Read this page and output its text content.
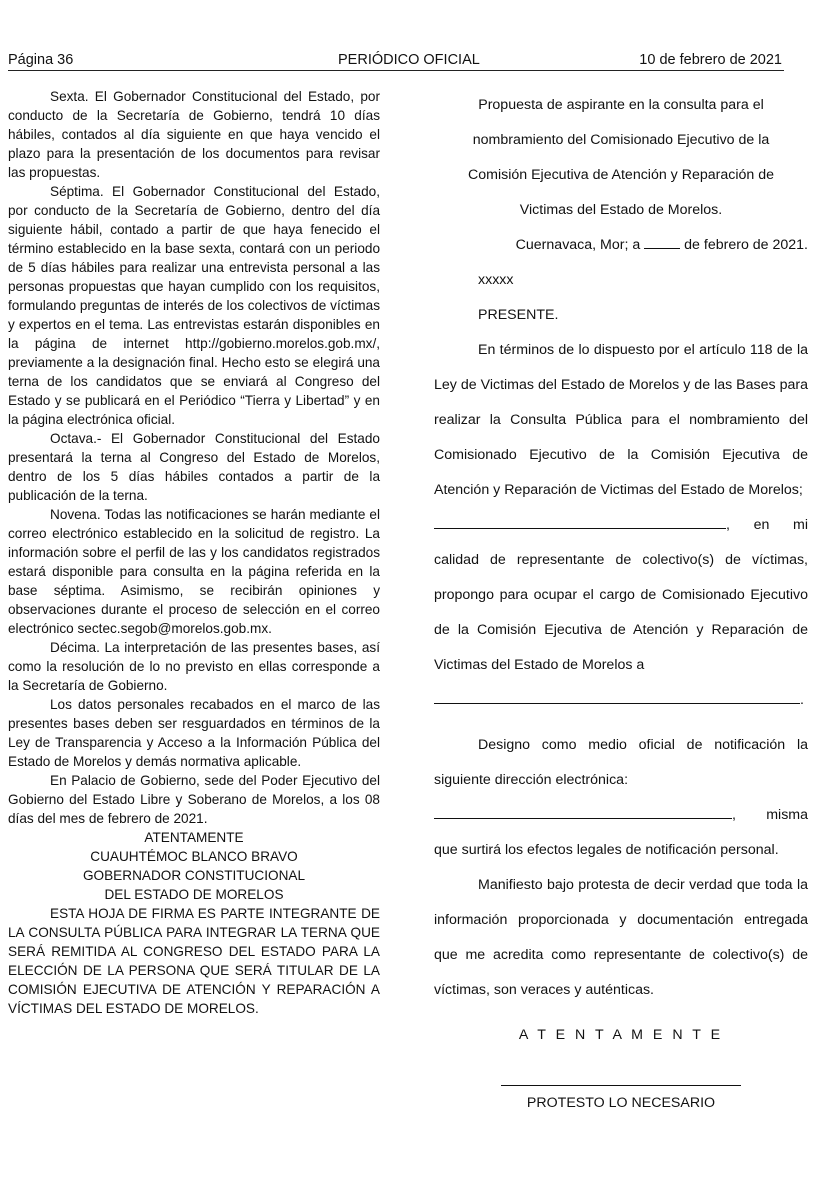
Página 36	PERIÓDICO OFICIAL	10 de febrero de 2021

Sexta. El Gobernador Constitucional del Estado, por conducto de la Secretaría de Gobierno, tendrá 10 días hábiles, contados al día siguiente en que haya vencido el plazo para la presentación de los documentos para revisar las propuestas.

Séptima. El Gobernador Constitucional del Estado, por conducto de la Secretaría de Gobierno, dentro del día siguiente hábil, contado a partir de que haya fenecido el término establecido en la base sexta, contará con un periodo de 5 días hábiles para realizar una entrevista personal a las personas propuestas que hayan cumplido con los requisitos, formulando preguntas de interés de los colectivos de víctimas y expertos en el tema. Las entrevistas estarán disponibles en la página de internet http://gobierno.morelos.gob.mx/, previamente a la designación final. Hecho esto se elegirá una terna de los candidatos que se enviará al Congreso del Estado y se publicará en el Periódico “Tierra y Libertad” y en la página electrónica oficial.

Octava.- El Gobernador Constitucional del Estado presentará la terna al Congreso del Estado de Morelos, dentro de los 5 días hábiles contados a partir de la publicación de la terna.

Novena. Todas las notificaciones se harán mediante el correo electrónico establecido en la solicitud de registro. La información sobre el perfil de las y los candidatos registrados estará disponible para consulta en la página referida en la base séptima. Asimismo, se recibirán opiniones y observaciones durante el proceso de selección en el correo electrónico sectec.segob@morelos.gob.mx.

Décima. La interpretación de las presentes bases, así como la resolución de lo no previsto en ellas corresponde a la Secretaría de Gobierno.

Los datos personales recabados en el marco de las presentes bases deben ser resguardados en términos de la Ley de Transparencia y Acceso a la Información Pública del Estado de Morelos y demás normativa aplicable.

En Palacio de Gobierno, sede del Poder Ejecutivo del Gobierno del Estado Libre y Soberano de Morelos, a los 08 días del mes de febrero de 2021.

ATENTAMENTE

CUAUHTÉMOC BLANCO BRAVO

GOBERNADOR CONSTITUCIONAL

DEL ESTADO DE MORELOS

ESTA HOJA DE FIRMA ES PARTE INTEGRANTE DE LA CONSULTA PÚBLICA PARA INTEGRAR LA TERNA QUE SERÁ REMITIDA AL CONGRESO DEL ESTADO PARA LA ELECCIÓN DE LA PERSONA QUE SERÁ TITULAR DE LA COMISIÓN EJECUTIVA DE ATENCIÓN Y REPARACIÓN A VÍCTIMAS DEL ESTADO DE MORELOS.

Propuesta de aspirante en la consulta para el

nombramiento del Comisionado Ejecutivo de la

Comisión Ejecutiva de Atención y Reparación de

Victimas del Estado de Morelos.

Cuernavaca, Mor; a	de febrero de 2021.

xxxxx

PRESENTE.

En términos de lo dispuesto por el artículo 118 de la Ley de Victimas del Estado de Morelos y de las Bases para realizar la Consulta Pública para el nombramiento del Comisionado Ejecutivo de la Comisión Ejecutiva de Atención y Reparación de Victimas del Estado de Morelos;

, en mi

calidad de representante de colectivo(s) de víctimas, propongo para ocupar el cargo de Comisionado Ejecutivo de la Comisión Ejecutiva de Atención y Reparación de Victimas del Estado de Morelos a

.

Designo como medio oficial de notificación la siguiente dirección electrónica:

, misma

que surtirá los efectos legales de notificación personal.

Manifiesto bajo protesta de decir verdad que toda la información proporcionada y documentación entregada que me acredita como representante de colectivo(s) de víctimas, son veraces y auténticas.

A T E N T A M E N T E

PROTESTO LO NECESARIO
